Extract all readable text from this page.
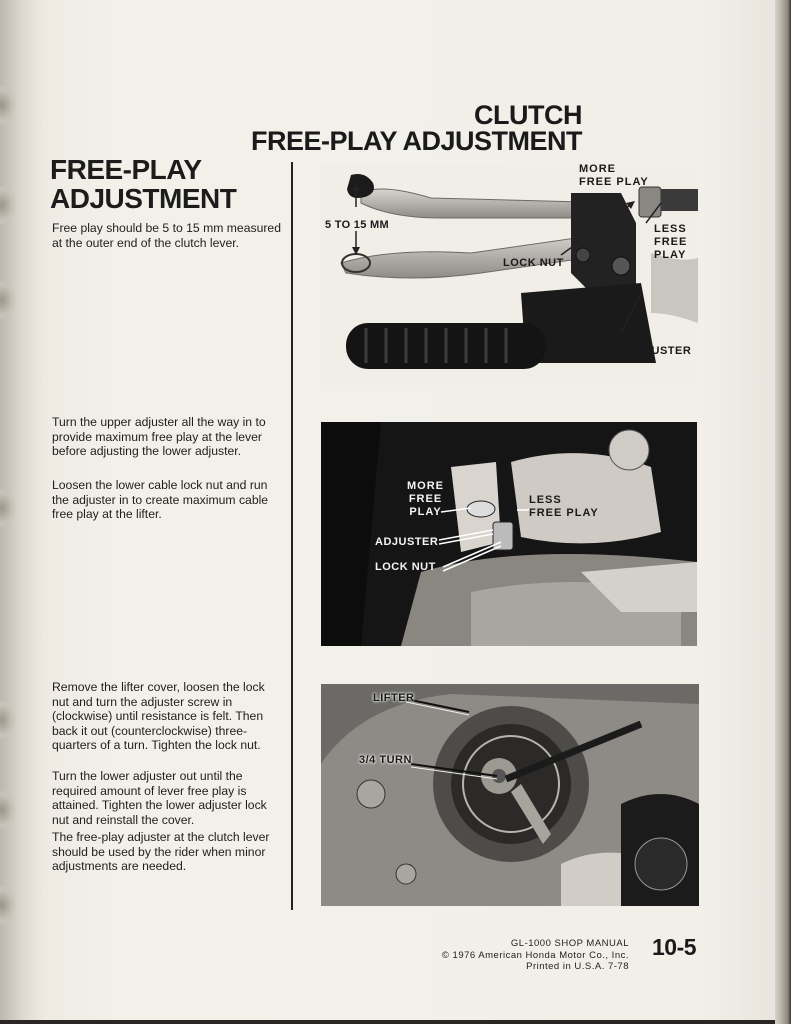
CLUTCH
FREE-PLAY ADJUSTMENT
FREE-PLAY
ADJUSTMENT
Free play should be 5 to 15 mm measured at the outer end of the clutch lever.
Turn the upper adjuster all the way in to provide maximum free play at the lever before adjusting the lower adjuster.
Loosen the lower cable lock nut and run the adjuster in to create maximum cable free play at the lifter.
Remove the lifter cover, loosen the lock nut and turn the adjuster screw in (clockwise) until resistance is felt. Then back it out (counterclockwise) three-quarters of a turn. Tighten the lock nut.
Turn the lower adjuster out until the required amount of lever free play is attained. Tighten the lower adjuster lock nut and reinstall the cover.
The free-play adjuster at the clutch lever should be used by the rider when minor adjustments are needed.
MORE
FREE PLAY
LESS
FREE
PLAY
5 TO 15 MM
LOCK NUT
ADJUSTER
MORE
FREE
PLAY
LESS
FREE PLAY
ADJUSTER
LOCK NUT
LIFTER
3/4 TURN
GL-1000 SHOP MANUAL
© 1976 American Honda Motor Co., Inc.
Printed in U.S.A. 7-78
10-5
